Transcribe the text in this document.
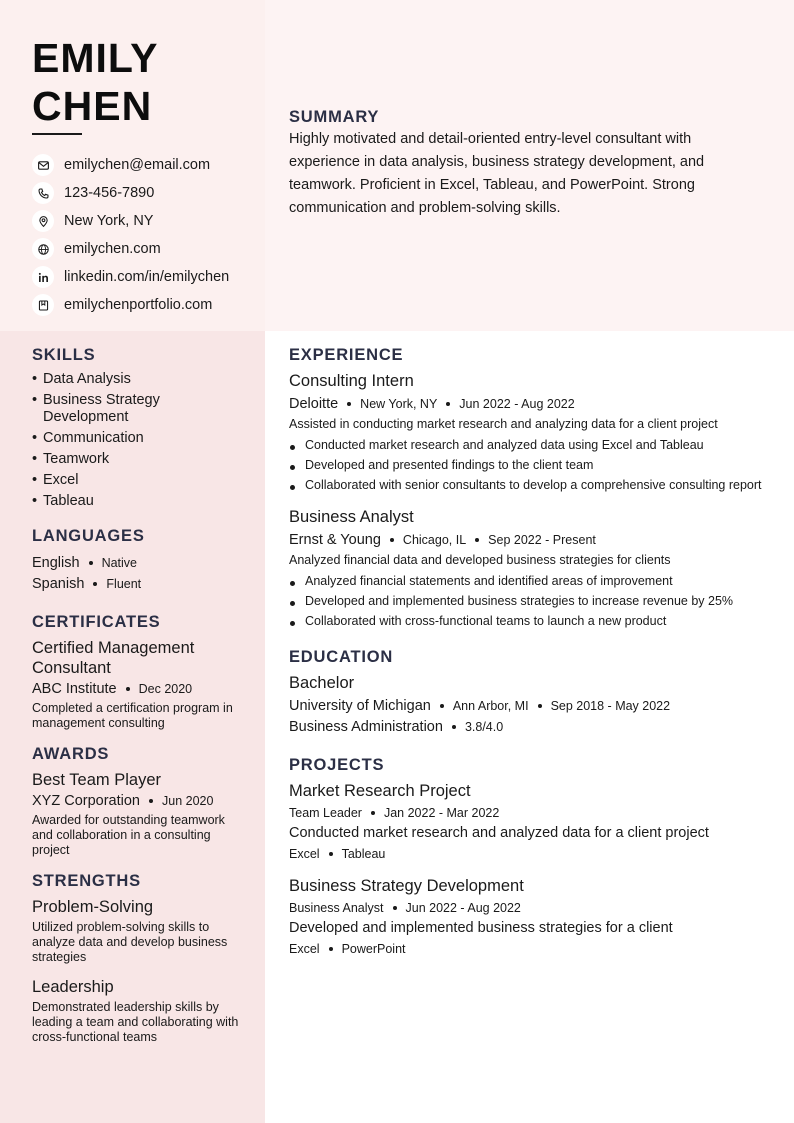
EMILY CHEN
emilychen@email.com
123-456-7890
New York, NY
emilychen.com
linkedin.com/in/emilychen
emilychenportfolio.com
SUMMARY

Highly motivated and detail-oriented entry-level consultant with experience in data analysis, business strategy development, and teamwork. Proficient in Excel, Tableau, and PowerPoint. Strong communication and problem-solving skills.

SKILLS
• Data Analysis
• Business Strategy Development
• Communication
• Teamwork
• Excel
• Tableau
LANGUAGES
English Native
Spanish Fluent
CERTIFICATES
Certified Management Consultant
ABC Institute Dec 2020

Completed a certification program in management consulting

AWARDS
Best Team Player
XYZ Corporation Jun 2020

Awarded for outstanding teamwork and collaboration in a consulting project

STRENGTHS
Problem-Solving

Utilized problem-solving skills to analyze data and develop business strategies

Leadership

Demonstrated leadership skills by leading a team and collaborating with cross-functional teams

EXPERIENCE
Consulting Intern
Deloitte New York, NY Jun 2022 - Aug 2022

Assisted in conducting market research and analyzing data for a client project

Conducted market research and analyzed data using Excel and Tableau
Developed and presented findings to the client team
Collaborated with senior consultants to develop a comprehensive consulting report
Business Analyst
Ernst & Young Chicago, IL Sep 2022 - Present

Analyzed financial data and developed business strategies for clients

Analyzed financial statements and identified areas of improvement
Developed and implemented business strategies to increase revenue by 25%
Collaborated with cross-functional teams to launch a new product
EDUCATION
Bachelor
University of Michigan Ann Arbor, MI Sep 2018 - May 2022
Business Administration 3.8/4.0
PROJECTS
Market Research Project
Team Leader Jan 2022 - Mar 2022

Conducted market research and analyzed data for a client project

Excel Tableau
Business Strategy Development
Business Analyst Jun 2022 - Aug 2022

Developed and implemented business strategies for a client

Excel PowerPoint
